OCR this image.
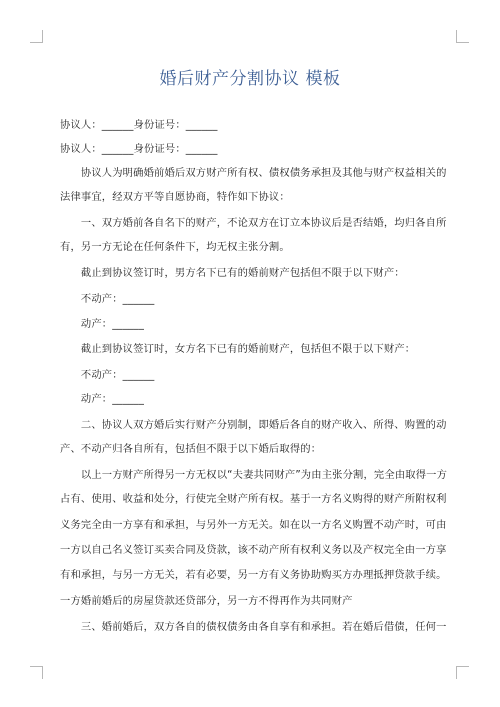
婚后财产分割协议 模板
协议人：______身份证号：______
协议人：______身份证号：______
　　协议人为明确婚前婚后双方财产所有权、债权债务承担及其他与财产权益相关的
法律事宜，经双方平等自愿协商，特作如下协议：
　　一、双方婚前各自名下的财产，不论双方在订立本协议后是否结婚，均归各自所
有，另一方无论在任何条件下，均无权主张分割。
　　截止到协议签订时，男方名下已有的婚前财产包括但不限于以下财产：
　　不动产：______
　　动产：______
　　截止到协议签订时，女方名下已有的婚前财产，包括但不限于以下财产：
　　不动产：______
　　动产：______
　　二、协议人双方婚后实行财产分别制，即婚后各自的财产收入、所得、购置的动
产、不动产归各自所有，包括但不限于以下婚后取得的：
　　以上一方财产所得另一方无权以“夫妻共同财产”为由主张分割，完全由取得一方
占有、使用、收益和处分，行使完全财产所有权。基于一方名义购得的财产所附权利
义务完全由一方享有和承担，与另外一方无关。如在以一方名义购置不动产时，可由
一方以自己名义签订买卖合同及贷款，该不动产所有权利义务以及产权完全由一方享
有和承担，与另一方无关，若有必要，另一方有义务协助购买方办理抵押贷款手续。
一方婚前婚后的房屋贷款还贷部分，另一方不得再作为共同财产
　　三、婚前婚后，双方各自的债权债务由各自享有和承担。若在婚后借债，任何一
